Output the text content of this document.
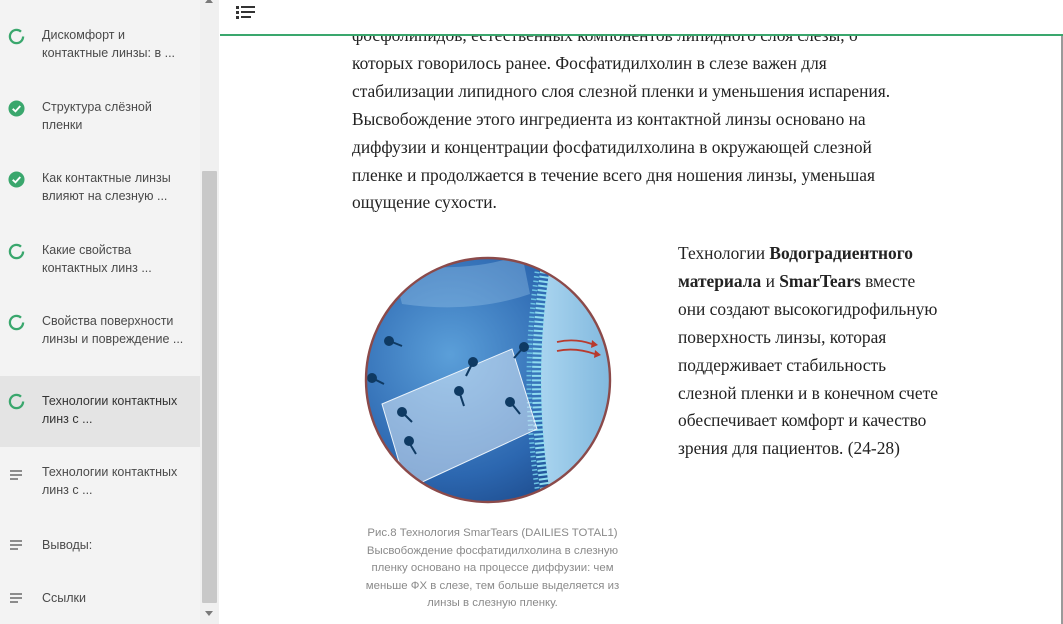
Дискомфорт и контактные линзы: в ...
Структура слёзной пленки
Как контактные линзы влияют на слезную ...
Какие свойства контактных линз ...
Свойства поверхности линзы и повреждение ...
Технологии контактных линз с ...
Технологии контактных линз с ...
Выводы:
Ссылки
которых говорилось ранее. Фосфатидилхолин в слезе важен для
стабилизации липидного слоя слезной пленки и уменьшения испарения.
Высвобождение этого ингредиента из контактной линзы основано на
диффузии и концентрации фосфатидилхолина в окружающей слезной
пленке и продолжается в течение всего дня ношения линзы, уменьшая
ощущение сухости.
Рис.8 Технология SmarTears (DAILIES TOTAL1)
Высвобождение фосфатидилхолина в слезную
пленку основано на процессе диффузии: чем
меньше ФХ в слезе, тем больше выделяется из
линзы в слезную пленку.
Технологии Водоградиентного материала и SmarTears вместе они создают высокогидрофильную поверхность линзы, которая поддерживает стабильность слезной пленки и в конечном счете обеспечивает комфорт и качество зрения для пациентов. (24-28)
